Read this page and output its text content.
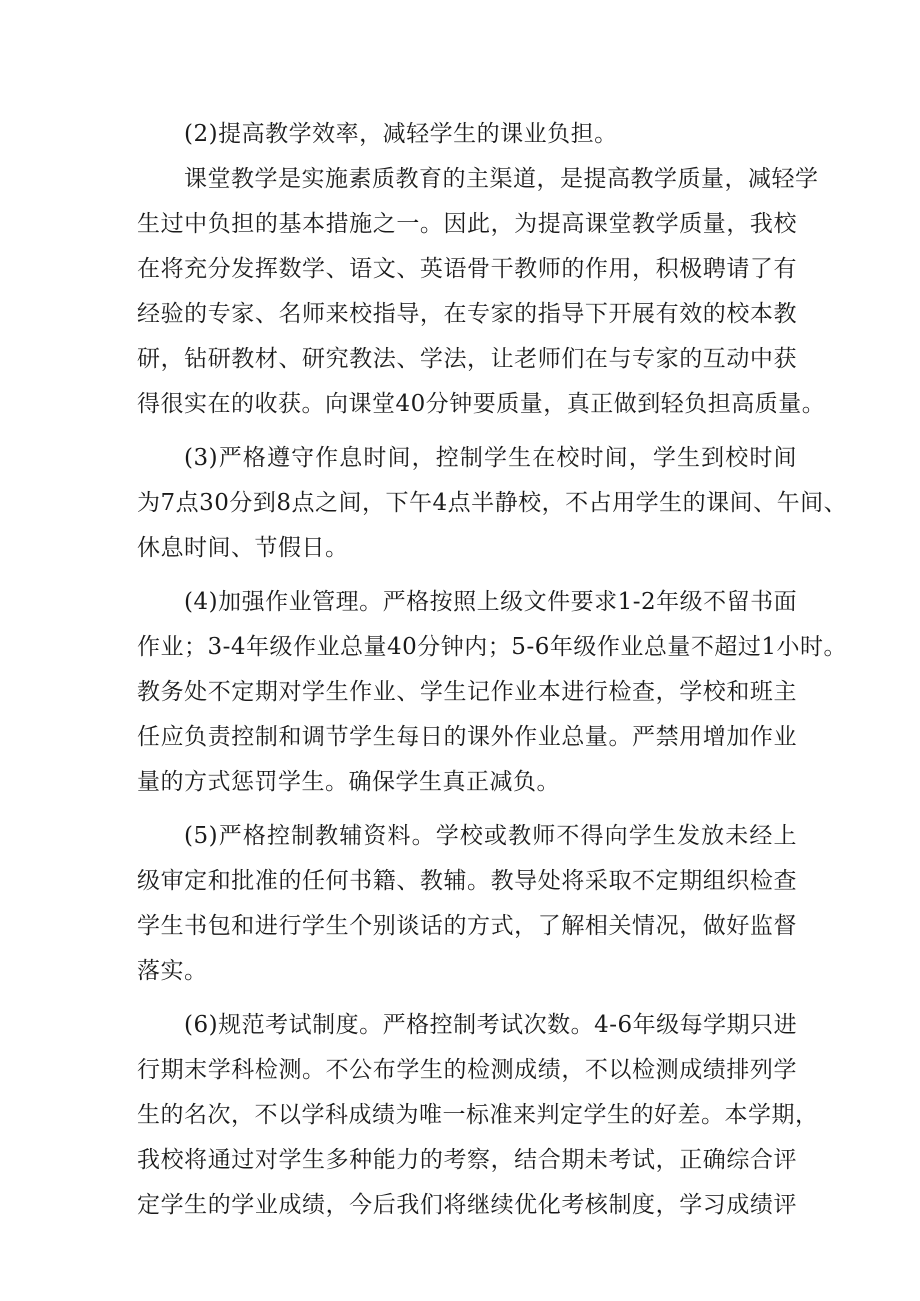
(2)提高教学效率，减轻学生的课业负担。
课堂教学是实施素质教育的主渠道，是提高教学质量，减轻学
生过中负担的基本措施之一。因此，为提高课堂教学质量，我校
在将充分发挥数学、语文、英语骨干教师的作用，积极聘请了有
经验的专家、名师来校指导，在专家的指导下开展有效的校本教
研，钻研教材、研究教法、学法，让老师们在与专家的互动中获
得很实在的收获。向课堂40分钟要质量，真正做到轻负担高质量。
(3)严格遵守作息时间，控制学生在校时间，学生到校时间
为7点30分到8点之间，下午4点半静校，不占用学生的课间、午间、
休息时间、节假日。
(4)加强作业管理。严格按照上级文件要求1-2年级不留书面
作业；3-4年级作业总量40分钟内；5-6年级作业总量不超过1小时。
教务处不定期对学生作业、学生记作业本进行检查，学校和班主
任应负责控制和调节学生每日的课外作业总量。严禁用增加作业
量的方式惩罚学生。确保学生真正减负。
(5)严格控制教辅资料。学校或教师不得向学生发放未经上
级审定和批准的任何书籍、教辅。教导处将采取不定期组织检查
学生书包和进行学生个别谈话的方式，了解相关情况，做好监督
落实。
(6)规范考试制度。严格控制考试次数。4-6年级每学期只进
行期末学科检测。不公布学生的检测成绩，不以检测成绩排列学
生的名次，不以学科成绩为唯一标准来判定学生的好差。本学期，
我校将通过对学生多种能力的考察，结合期未考试，正确综合评
定学生的学业成绩，今后我们将继续优化考核制度，学习成绩评
